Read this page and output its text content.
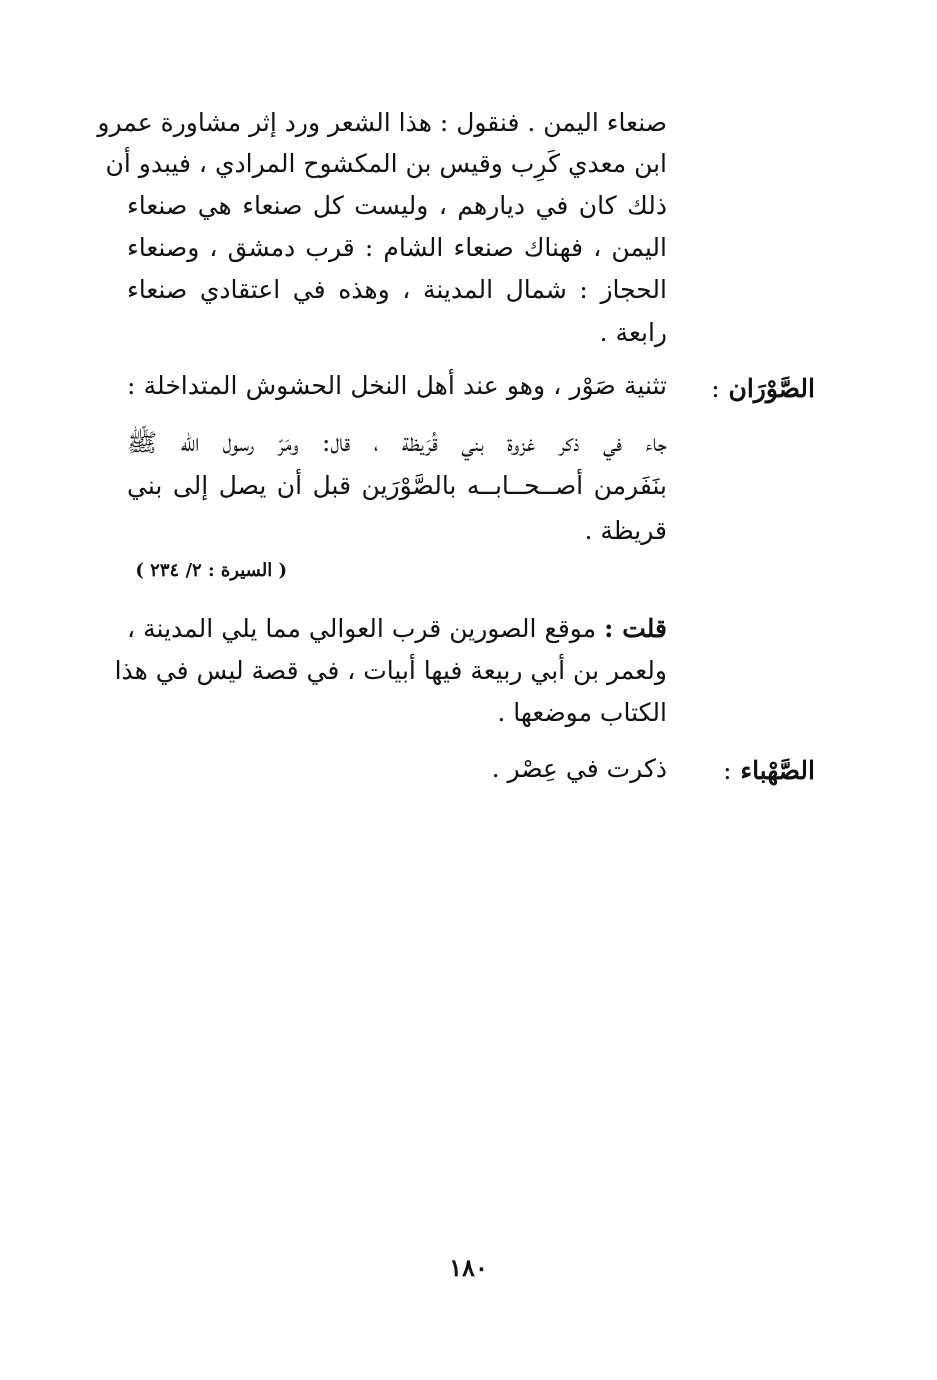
صنعاء اليمن . فنقول : هذا الشعر ورد إثر مشاورة عمرو
ابن معدي كَرِب وقيس بن المكشوح المرادي ، فيبدو أن
ذلك كان في ديارهم ، وليست كل صنعاء هي صنعاء
اليمن ، فهناك صنعاء الشام : قرب دمشق ، وصنعاء
الحجاز : شمال المدينة ، وهذه في اعتقادي صنعاء
رابعة .
الصَّوْرَان :
تثنية صَوْر ، وهو عند أهل النخل الحشوش المتداخلة :
جاء في ذكر غزوة بني قُرَيظة ، قال: ومَرّ رسول الله ﷺ
بنَفَرمن أصــحــابــه بالصَّوْرَين قبل أن يصل إلى بني
قريظة .
( السيرة : ٢/ ٢٣٤ )
قلت : موقع الصورين قرب العوالي مما يلي المدينة ،
ولعمر بن أبي ربيعة فيها أبيات ، في قصة ليس في هذا
الكتاب موضعها .
الصَّهْباء :
ذكرت في عِصْر .
١٨٠
